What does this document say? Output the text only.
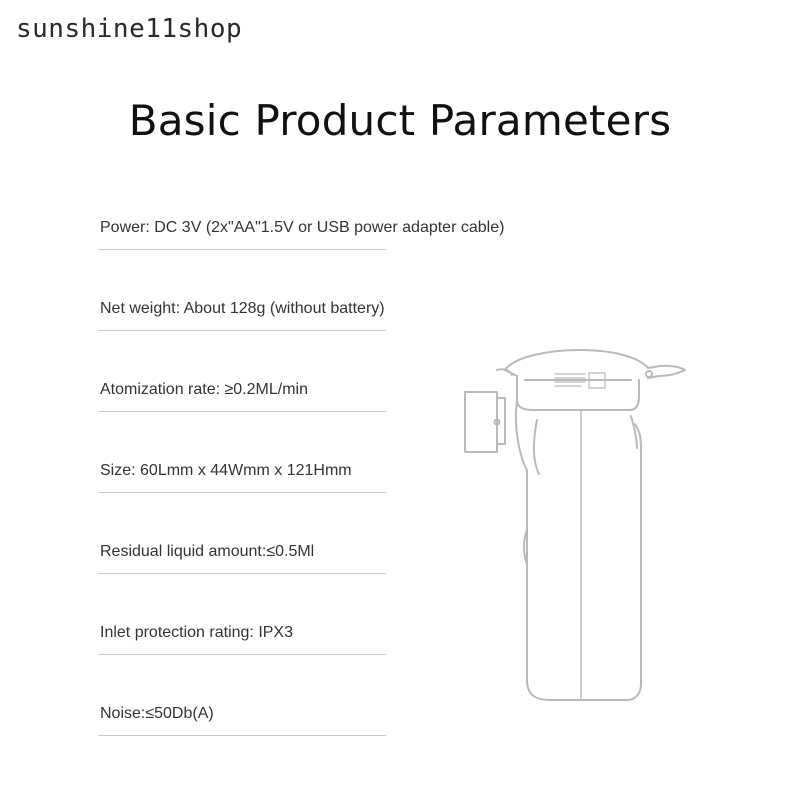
sunshine11shop
Basic Product Parameters
Power: DC 3V (2x"AA"1.5V or USB power adapter cable)
Net weight: About 128g (without battery)
Atomization rate: ≥0.2ML/min
Size: 60Lmm x 44Wmm x 121Hmm
Residual liquid amount:≤0.5Ml
Inlet protection rating: IPX3
Noise:≤50Db(A)
